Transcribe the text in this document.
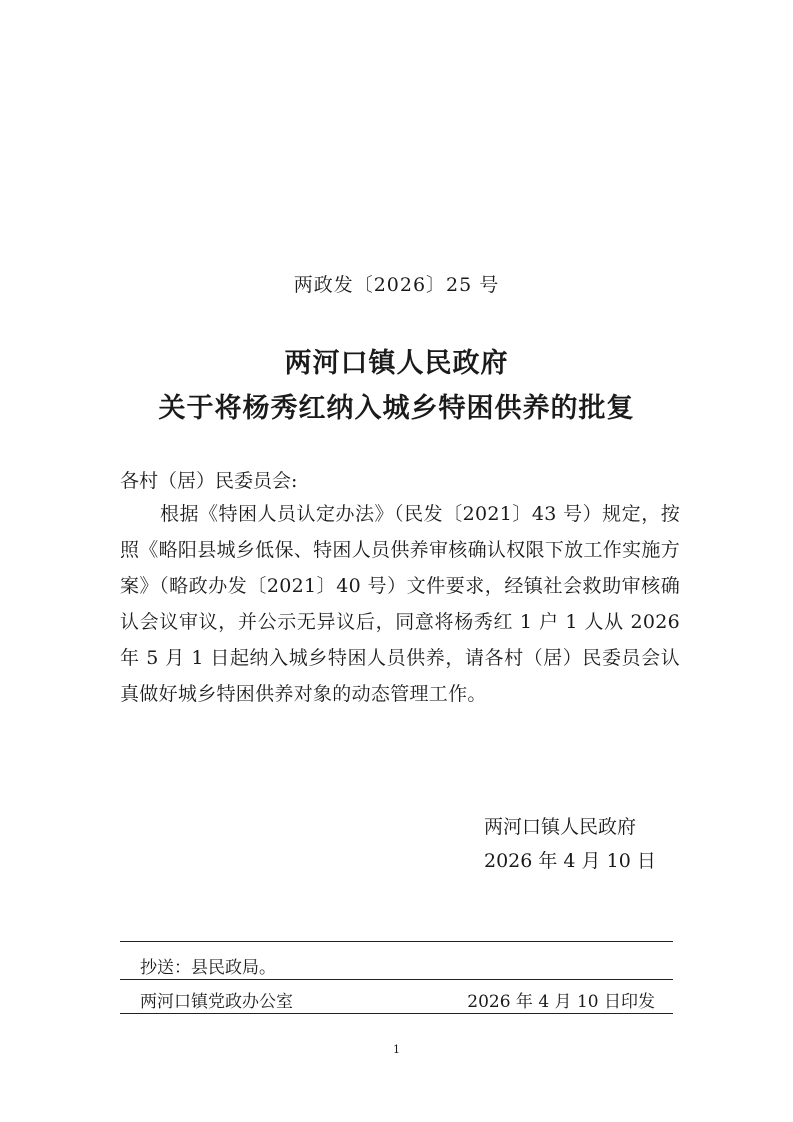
两政发〔2026〕25 号
两河口镇人民政府
关于将杨秀红纳入城乡特困供养的批复
各村（居）民委员会:

根据《特困人员认定办法》（民发〔2021〕43 号）规定，按照《略阳县城乡低保、特困人员供养审核确认权限下放工作实施方案》（略政办发〔2021〕40 号）文件要求，经镇社会救助审核确认会议审议，并公示无异议后，同意将杨秀红 1 户 1 人从 2026 年 5 月 1 日起纳入城乡特困人员供养，请各村（居）民委员会认真做好城乡特困供养对象的动态管理工作。

两河口镇人民政府
2026 年 4 月 10 日
抄送：县民政局。
两河口镇党政办公室	2026 年 4 月 10 日印发
1
